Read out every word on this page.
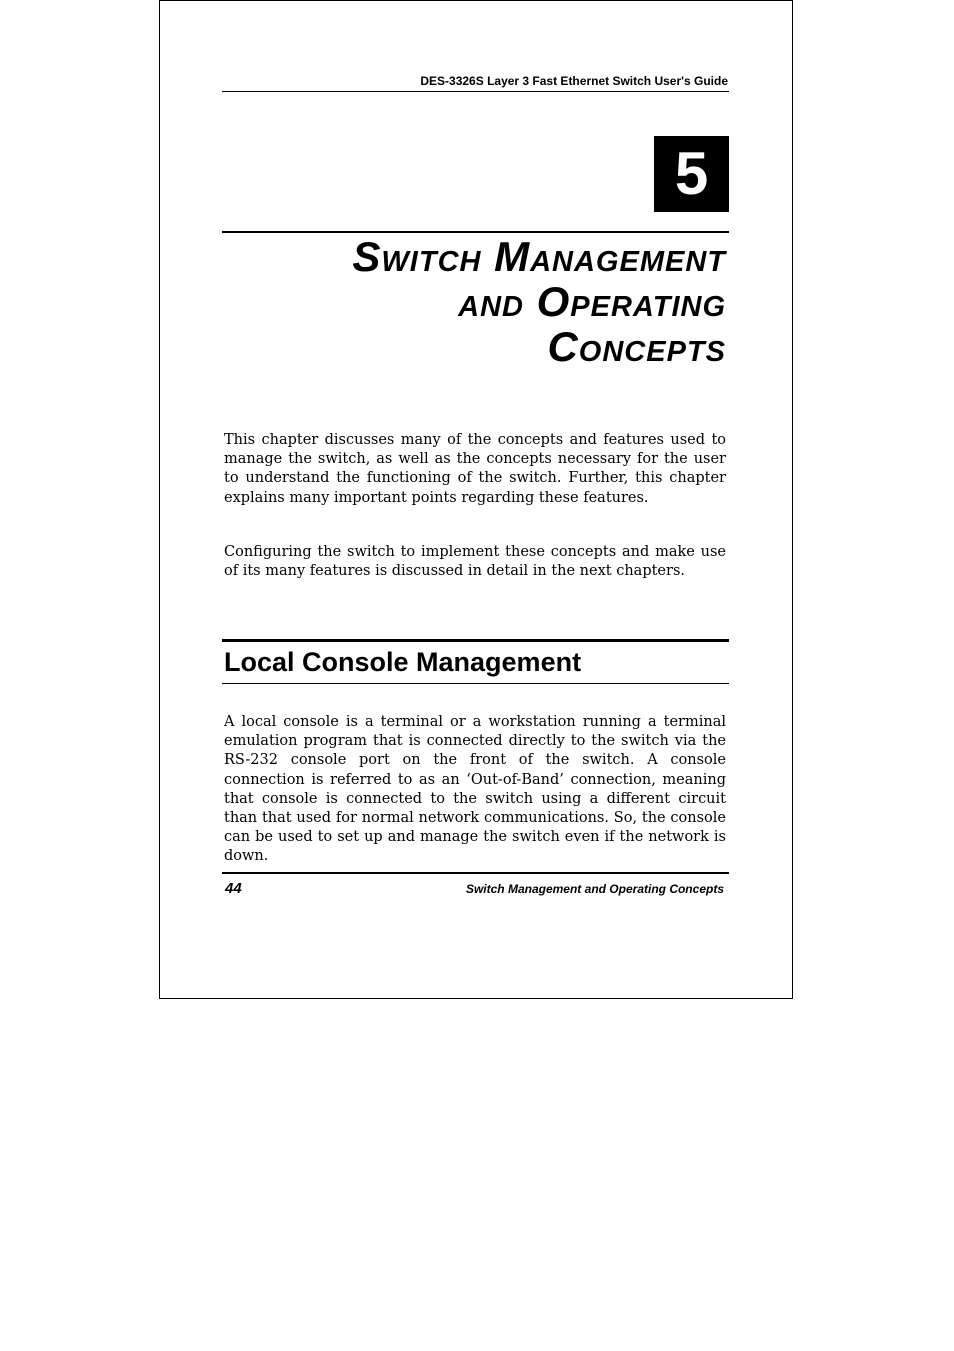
DES-3326S Layer 3 Fast Ethernet Switch User's Guide
5
Switch Management
and Operating
Concepts

This chapter discusses many of the concepts and features used to manage the switch, as well as the concepts necessary for the user to understand the functioning of the switch. Further, this chapter explains many important points regarding these features.

Configuring the switch to implement these concepts and make use of its many features is discussed in detail in the next chapters.

Local Console Management

A local console is a terminal or a workstation running a terminal emulation program that is connected directly to the switch via the RS-232 console port on the front of the switch. A console connection is referred to as an ‘Out-of-Band’ connection, meaning that console is connected to the switch using a different circuit than that used for normal network communications. So, the console can be used to set up and manage the switch even if the network is down.

44	Switch Management and Operating Concepts
